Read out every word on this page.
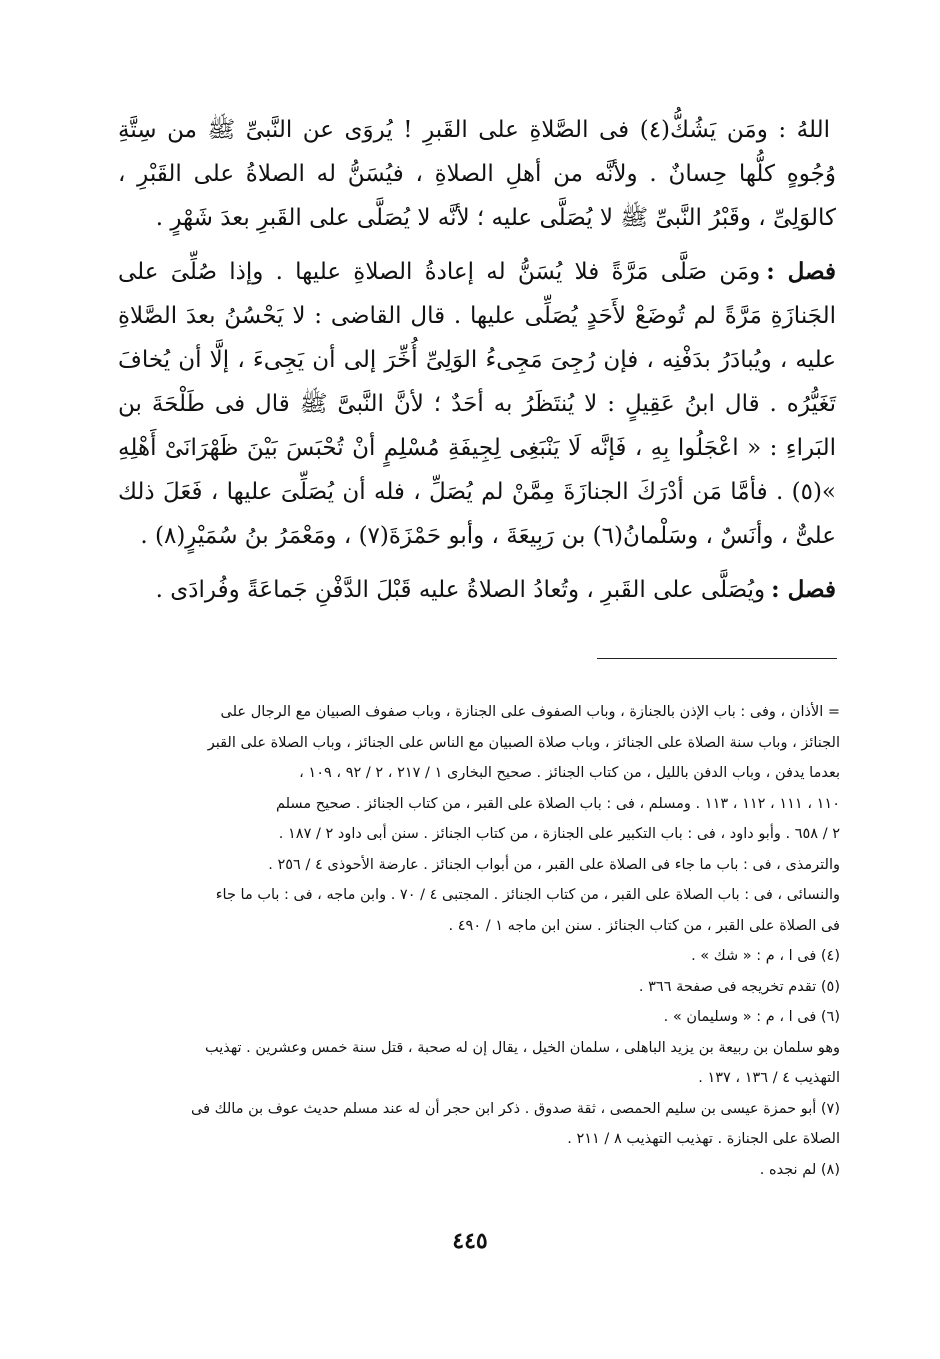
اللهُ : ومَن يَشُكُّ(٤) فى الصَّلاةِ على القَبرِ ! يُروَى عن النَّبىِّ ﷺ من سِتَّةِ وُجُوهٍ كلُّها حِسانٌ . ولأنَّه من أهلِ الصلاةِ ، فيُسَنُّ له الصلاةُ على القَبْرِ ، كالوَلِىِّ ، وقَبْرُ النَّبىِّ ﷺ لا يُصَلَّى عليه ؛ لأنَّه لا يُصَلَّى على القَبرِ بعدَ شَهْرٍ .

فصل :ومَن صَلَّى مَرَّةً فلا يُسَنُّ له إعادةُ الصلاةِ عليها . وإذا صُلِّىَ على الجَنازَةِ مَرَّةً لم تُوضَعْ لأَحَدٍ يُصَلِّى عليها . قال القاضى : لا يَحْسُنُ بعدَ الصَّلاةِ عليه ، ويُبادَرُ بدَفْنِه ، فإن رُجِىَ مَجِىءُ الوَلِىِّ أُخِّرَ إلى أن يَجِىءَ ، إلَّا أن يُخافَ تَغَيُّرُه . قال ابنُ عَقِيلٍ : لا يُنتَظَرُ به أحَدٌ ؛ لأنَّ النَّبىَّ ﷺ قال فى طَلْحَةَ بن البَراءِ : « اعْجَلُوا بِهِ ، فَإنَّه لَا يَنْبَغِى لِجِيفَةِ مُسْلِمٍ أنْ تُحْبَسَ بَيْنَ ظَهْرَانَىْ أَهْلِهِ »(٥) . فأمَّا مَن أدْرَكَ الجنازَةَ مِمَّنْ لم يُصَلِّ ، فله أن يُصَلِّىَ عليها ، فَعَلَ ذلك علىٌّ ، وأنَسٌ ، وسَلْمانُ(٦) بن رَبِيعَةَ ، وأبو حَمْزَةَ(٧) ، ومَعْمَرُ بنُ سُمَيْرٍ(٨) .

فصل :ويُصَلَّى على القَبرِ ، وتُعادُ الصلاةُ عليه قَبْلَ الدَّفْنِ جَماعَةً وفُرادَى .

= الأذان ، وفى : باب الإذن بالجنازة ، وباب الصفوف على الجنازة ، وباب صفوف الصبيان مع الرجال على

الجنائز ، وباب سنة الصلاة على الجنائز ، وباب صلاة الصبيان مع الناس على الجنائز ، وباب الصلاة على القبر

بعدما يدفن ، وباب الدفن بالليل ، من كتاب الجنائز . صحيح البخارى ١ / ٢١٧ ، ٢ / ٩٢ ، ١٠٩ ،

١١٠ ، ١١١ ، ١١٢ ، ١١٣ . ومسلم ، فى : باب الصلاة على القبر ، من كتاب الجنائز . صحيح مسلم

٢ / ٦٥٨ . وأبو داود ، فى : باب التكبير على الجنازة ، من كتاب الجنائز . سنن أبى داود ٢ / ١٨٧ .

والترمذى ، فى : باب ما جاء فى الصلاة على القبر ، من أبواب الجنائز . عارضة الأحوذى ٤ / ٢٥٦ .

والنسائى ، فى : باب الصلاة على القبر ، من كتاب الجنائز . المجتبى ٤ / ٧٠ . وابن ماجه ، فى : باب ما جاء

فى الصلاة على القبر ، من كتاب الجنائز . سنن ابن ماجه ١ / ٤٩٠ .

(٤) فى ا ، م : « شك » .

(٥) تقدم تخريجه فى صفحة ٣٦٦ .

(٦) فى ا ، م : « وسليمان » .

وهو سلمان بن ربيعة بن يزيد الباهلى ، سلمان الخيل ، يقال إن له صحبة ، قتل سنة خمس وعشرين . تهذيب

التهذيب ٤ / ١٣٦ ، ١٣٧ .

(٧) أبو حمزة عيسى بن سليم الحمصى ، ثقة صدوق . ذكر ابن حجر أن له عند مسلم حديث عوف بن مالك فى

الصلاة على الجنازة . تهذيب التهذيب ٨ / ٢١١ .

(٨) لم نجده .

٤٤٥
